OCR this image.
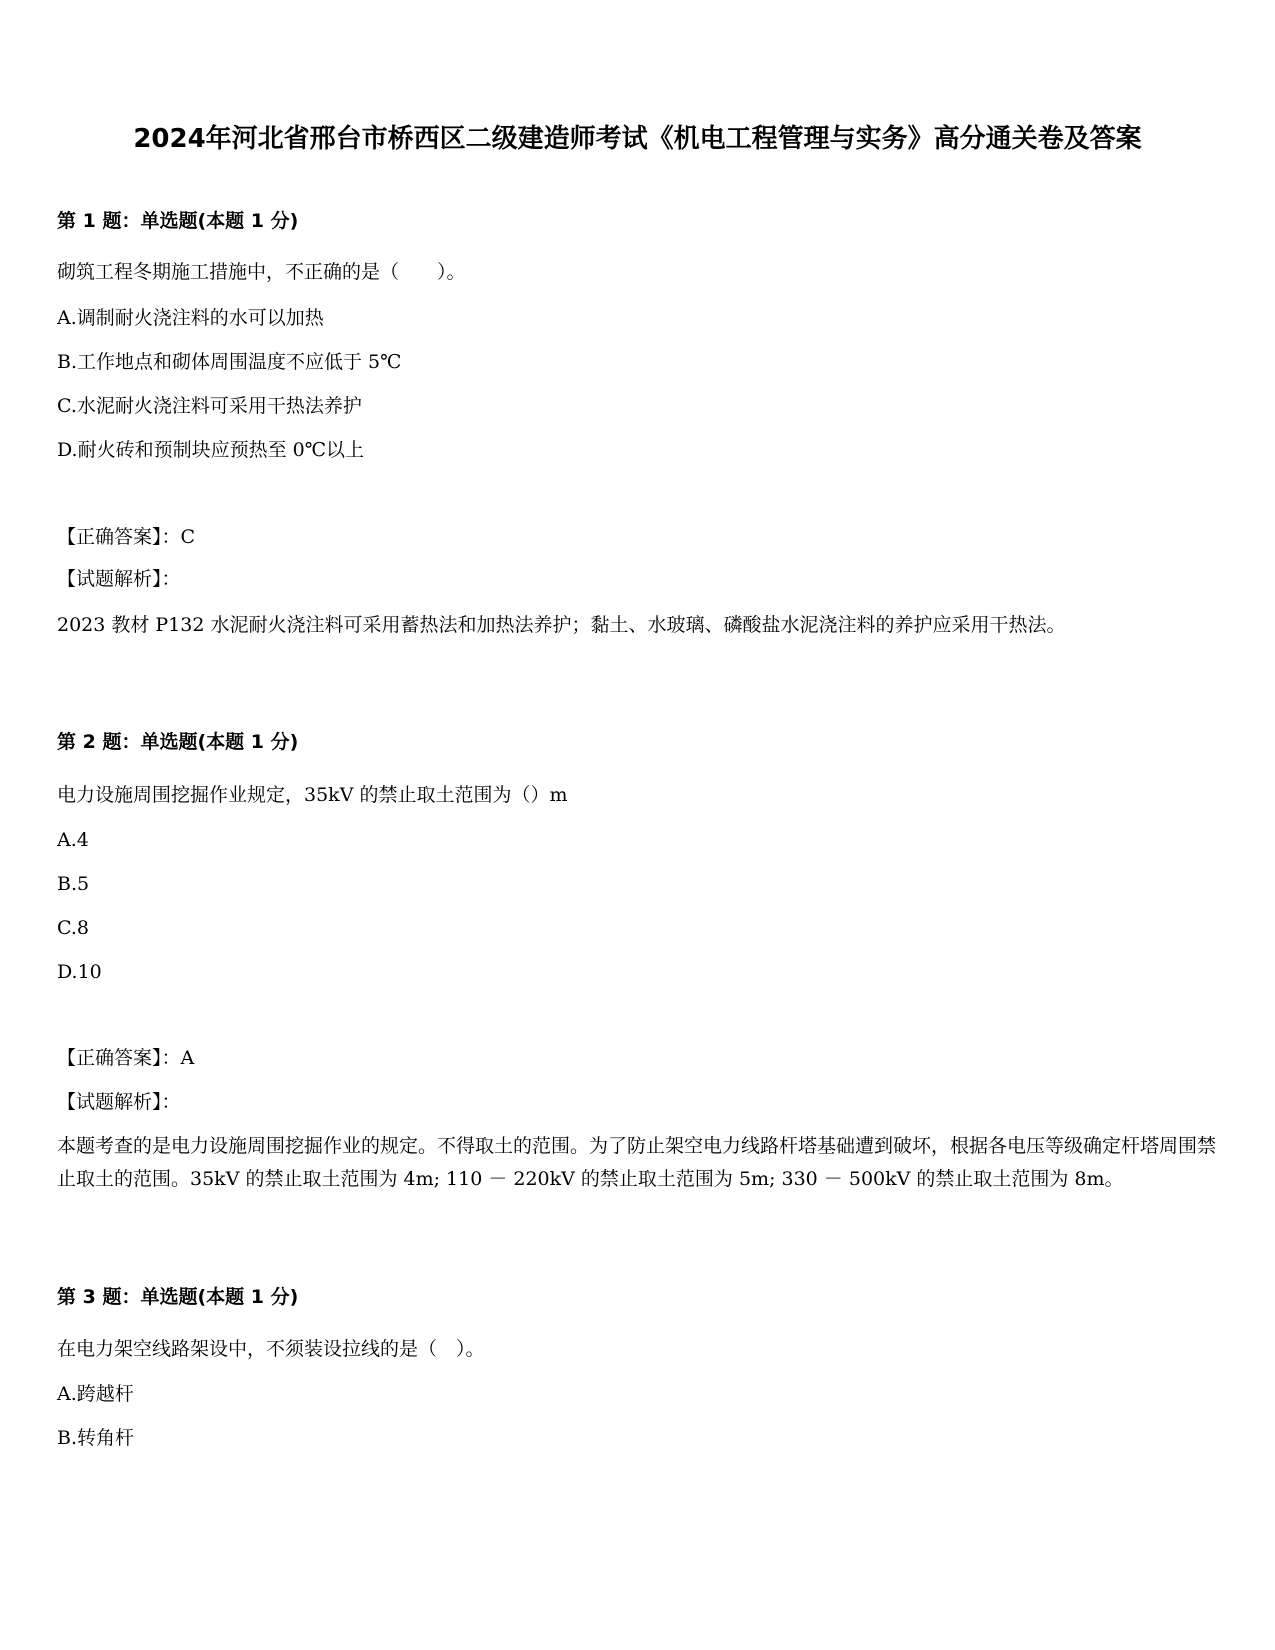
2024年河北省邢台市桥西区二级建造师考试《机电工程管理与实务》高分通关卷及答案
第 1 题：单选题(本题 1 分)
砌筑工程冬期施工措施中，不正确的是（　　）。
A.调制耐火浇注料的水可以加热
B.工作地点和砌体周围温度不应低于 5℃
C.水泥耐火浇注料可采用干热法养护
D.耐火砖和预制块应预热至 0℃以上
【正确答案】：C
【试题解析】：
2023 教材 P132 水泥耐火浇注料可采用蓄热法和加热法养护；黏土、水玻璃、磷酸盐水泥浇注料的养护应采用干热法。
第 2 题：单选题(本题 1 分)
电力设施周围挖掘作业规定，35kV 的禁止取土范围为（）m
A.4
B.5
C.8
D.10
【正确答案】：A
【试题解析】：
本题考查的是电力设施周围挖掘作业的规定。不得取土的范围。为了防止架空电力线路杆塔基础遭到破坏，根据各电压等级确定杆塔周围禁止取土的范围。35kV 的禁止取土范围为 4m; 110 － 220kV 的禁止取土范围为 5m; 330 － 500kV 的禁止取土范围为 8m。
第 3 题：单选题(本题 1 分)
在电力架空线路架设中，不须装设拉线的是（　）。
A.跨越杆
B.转角杆
